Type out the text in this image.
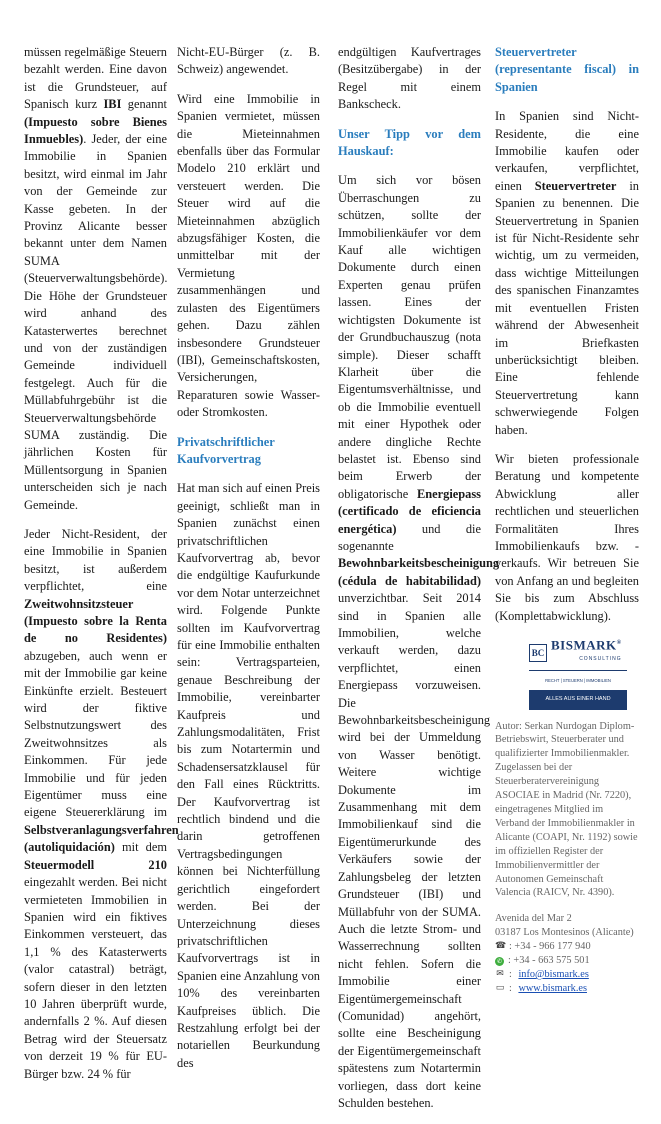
müssen regelmäßige Steuern bezahlt werden. Eine davon ist die Grundsteuer, auf Spanisch kurz IBI genannt (Impuesto sobre Bienes Inmuebles). Jeder, der eine Immobilie in Spanien besitzt, wird einmal im Jahr von der Gemeinde zur Kasse gebeten. In der Provinz Alicante besser bekannt unter dem Namen SUMA (Steuerverwaltungsbehörde). Die Höhe der Grundsteuer wird anhand des Katasterwertes berechnet und von der zuständigen Gemeinde individuell festgelegt. Auch für die Müllabfuhrgebühr ist die Steuerverwaltungsbehörde SUMA zuständig. Die jährlichen Kosten für Müllentsorgung in Spanien unterscheiden sich je nach Gemeinde.

Jeder Nicht-Resident, der eine Immobilie in Spanien besitzt, ist außerdem verpflichtet, eine Zweitwohnsitzsteuer (Impuesto sobre la Renta de no Residentes) abzugeben, auch wenn er mit der Immobilie gar keine Einkünfte erzielt. Besteuert wird der fiktive Selbstnutzungswert des Zweitwohnsitzes als Einkommen. Für jede Immobilie und für jeden Eigentümer muss eine eigene Steuererklärung im Selbstveranlagungsverfahren (autoliquidación) mit dem Steuermodell 210 eingezahlt werden. Bei nicht vermieteten Immobilien in Spanien wird ein fiktives Einkommen versteuert, das 1,1 % des Katasterwerts (valor catastral) beträgt, sofern dieser in den letzten 10 Jahren überprüft wurde, andernfalls 2 %. Auf diesen Betrag wird der Steuersatz von derzeit 19 % für EU-Bürger bzw. 24 % für

Nicht-EU-Bürger (z. B. Schweiz) angewendet.

Wird eine Immobilie in Spanien vermietet, müssen die Mieteinnahmen ebenfalls über das Formular Modelo 210 erklärt und versteuert werden. Die Steuer wird auf die Mieteinnahmen abzüglich abzugsfähiger Kosten, die unmittelbar mit der Vermietung zusammenhängen und zulasten des Eigentümers gehen. Dazu zählen insbesondere Grundsteuer (IBI), Gemeinschaftskosten, Versicherungen, Reparaturen sowie Wasser- oder Stromkosten.

Privatschriftlicher Kaufvorvertrag

Hat man sich auf einen Preis geeinigt, schließt man in Spanien zunächst einen privatschriftlichen Kaufvorvertrag ab, bevor die endgültige Kaufurkunde vor dem Notar unterzeichnet wird. Folgende Punkte sollten im Kaufvorvertrag für eine Immobilie enthalten sein: Vertragsparteien, genaue Beschreibung der Immobilie, vereinbarter Kaufpreis und Zahlungsmodalitäten, Frist bis zum Notartermin und Schadensersatzklausel für den Fall eines Rücktritts. Der Kaufvorvertrag ist rechtlich bindend und die darin getroffenen Vertragsbedingungen können bei Nichterfüllung gerichtlich eingefordert werden. Bei der Unterzeichnung dieses privatschriftlichen Kaufvorvertrags ist in Spanien eine Anzahlung von 10% des vereinbarten Kaufpreises üblich. Die Restzahlung erfolgt bei der notariellen Beurkundung des

endgültigen Kaufvertrages (Besitzübergabe) in der Regel mit einem Bankscheck.

Unser Tipp vor dem Hauskauf:

Um sich vor bösen Überraschungen zu schützen, sollte der Immobilienkäufer vor dem Kauf alle wichtigen Dokumente durch einen Experten genau prüfen lassen. Eines der wichtigsten Dokumente ist der Grundbuchauszug (nota simple). Dieser schafft Klarheit über die Eigentumsverhältnisse, und ob die Immobilie eventuell mit einer Hypothek oder andere dingliche Rechte belastet ist. Ebenso sind beim Erwerb der obligatorische Energiepass (certificado de eficiencia energética) und die sogenannte Bewohnbarkeitsbescheinigung (cédula de habitabilidad) unverzichtbar. Seit 2014 sind in Spanien alle Immobilien, welche verkauft werden, dazu verpflichtet, einen Energiepass vorzuweisen. Die Bewohnbarkeitsbescheinigung wird bei der Ummeldung von Wasser benötigt. Weitere wichtige Dokumente im Zusammenhang mit dem Immobilienkauf sind die Eigentümerurkunde des Verkäufers sowie der Zahlungsbeleg der letzten Grundsteuer (IBI) und Müllabfuhr von der SUMA. Auch die letzte Strom- und Wasserrechnung sollten nicht fehlen. Sofern die Immobilie einer Eigentümergemeinschaft (Comunidad) angehört, sollte eine Bescheinigung der Eigentümergemeinschaft spätestens zum Notartermin vorliegen, dass dort keine Schulden bestehen.

Steuervertreter (representante fiscal) in Spanien

In Spanien sind Nicht-Residente, die eine Immobilie kaufen oder verkaufen, verpflichtet, einen Steuervertreter in Spanien zu benennen. Die Steuervertretung in Spanien ist für Nicht-Residente sehr wichtig, um zu vermeiden, dass wichtige Mitteilungen des spanischen Finanzamtes mit eventuellen Fristen während der Abwesenheit im Briefkasten unberücksichtigt bleiben. Eine fehlende Steuervertretung kann schwerwiegende Folgen haben.

Wir bieten professionale Beratung und kompetente Abwicklung aller rechtlichen und steuerlichen Formalitäten Ihres Immobilienkaufs bzw. -verkaufs. Wir betreuen Sie von Anfang an und begleiten Sie bis zum Abschluss (Komplettabwicklung).

BC
BISMARK®
CONSULTING
RECHT | STEUERN | IMMOBILIEN
ALLES AUS EINER HAND

Autor: Serkan Nurdogan Diplom-Betriebswirt, Steuerberater und qualifizierter Immobilienmakler. Zugelassen bei der Steuerberatervereinigung ASOCIAE in Madrid (Nr. 7220), eingetragenes Mitglied im Verband der Immobilienmakler in Alicante (COAPI, Nr. 1192) sowie im offiziellen Register der Immobilienvermittler der Autonomen Gemeinschaft Valencia (RAICV, Nr. 4390).

Avenida del Mar 2
03187 Los Montesinos (Alicante)
☎ : +34 - 966 177 940
✆ : +34 - 663 575 501
✉ : info@bismark.es
▭ : www.bismark.es
